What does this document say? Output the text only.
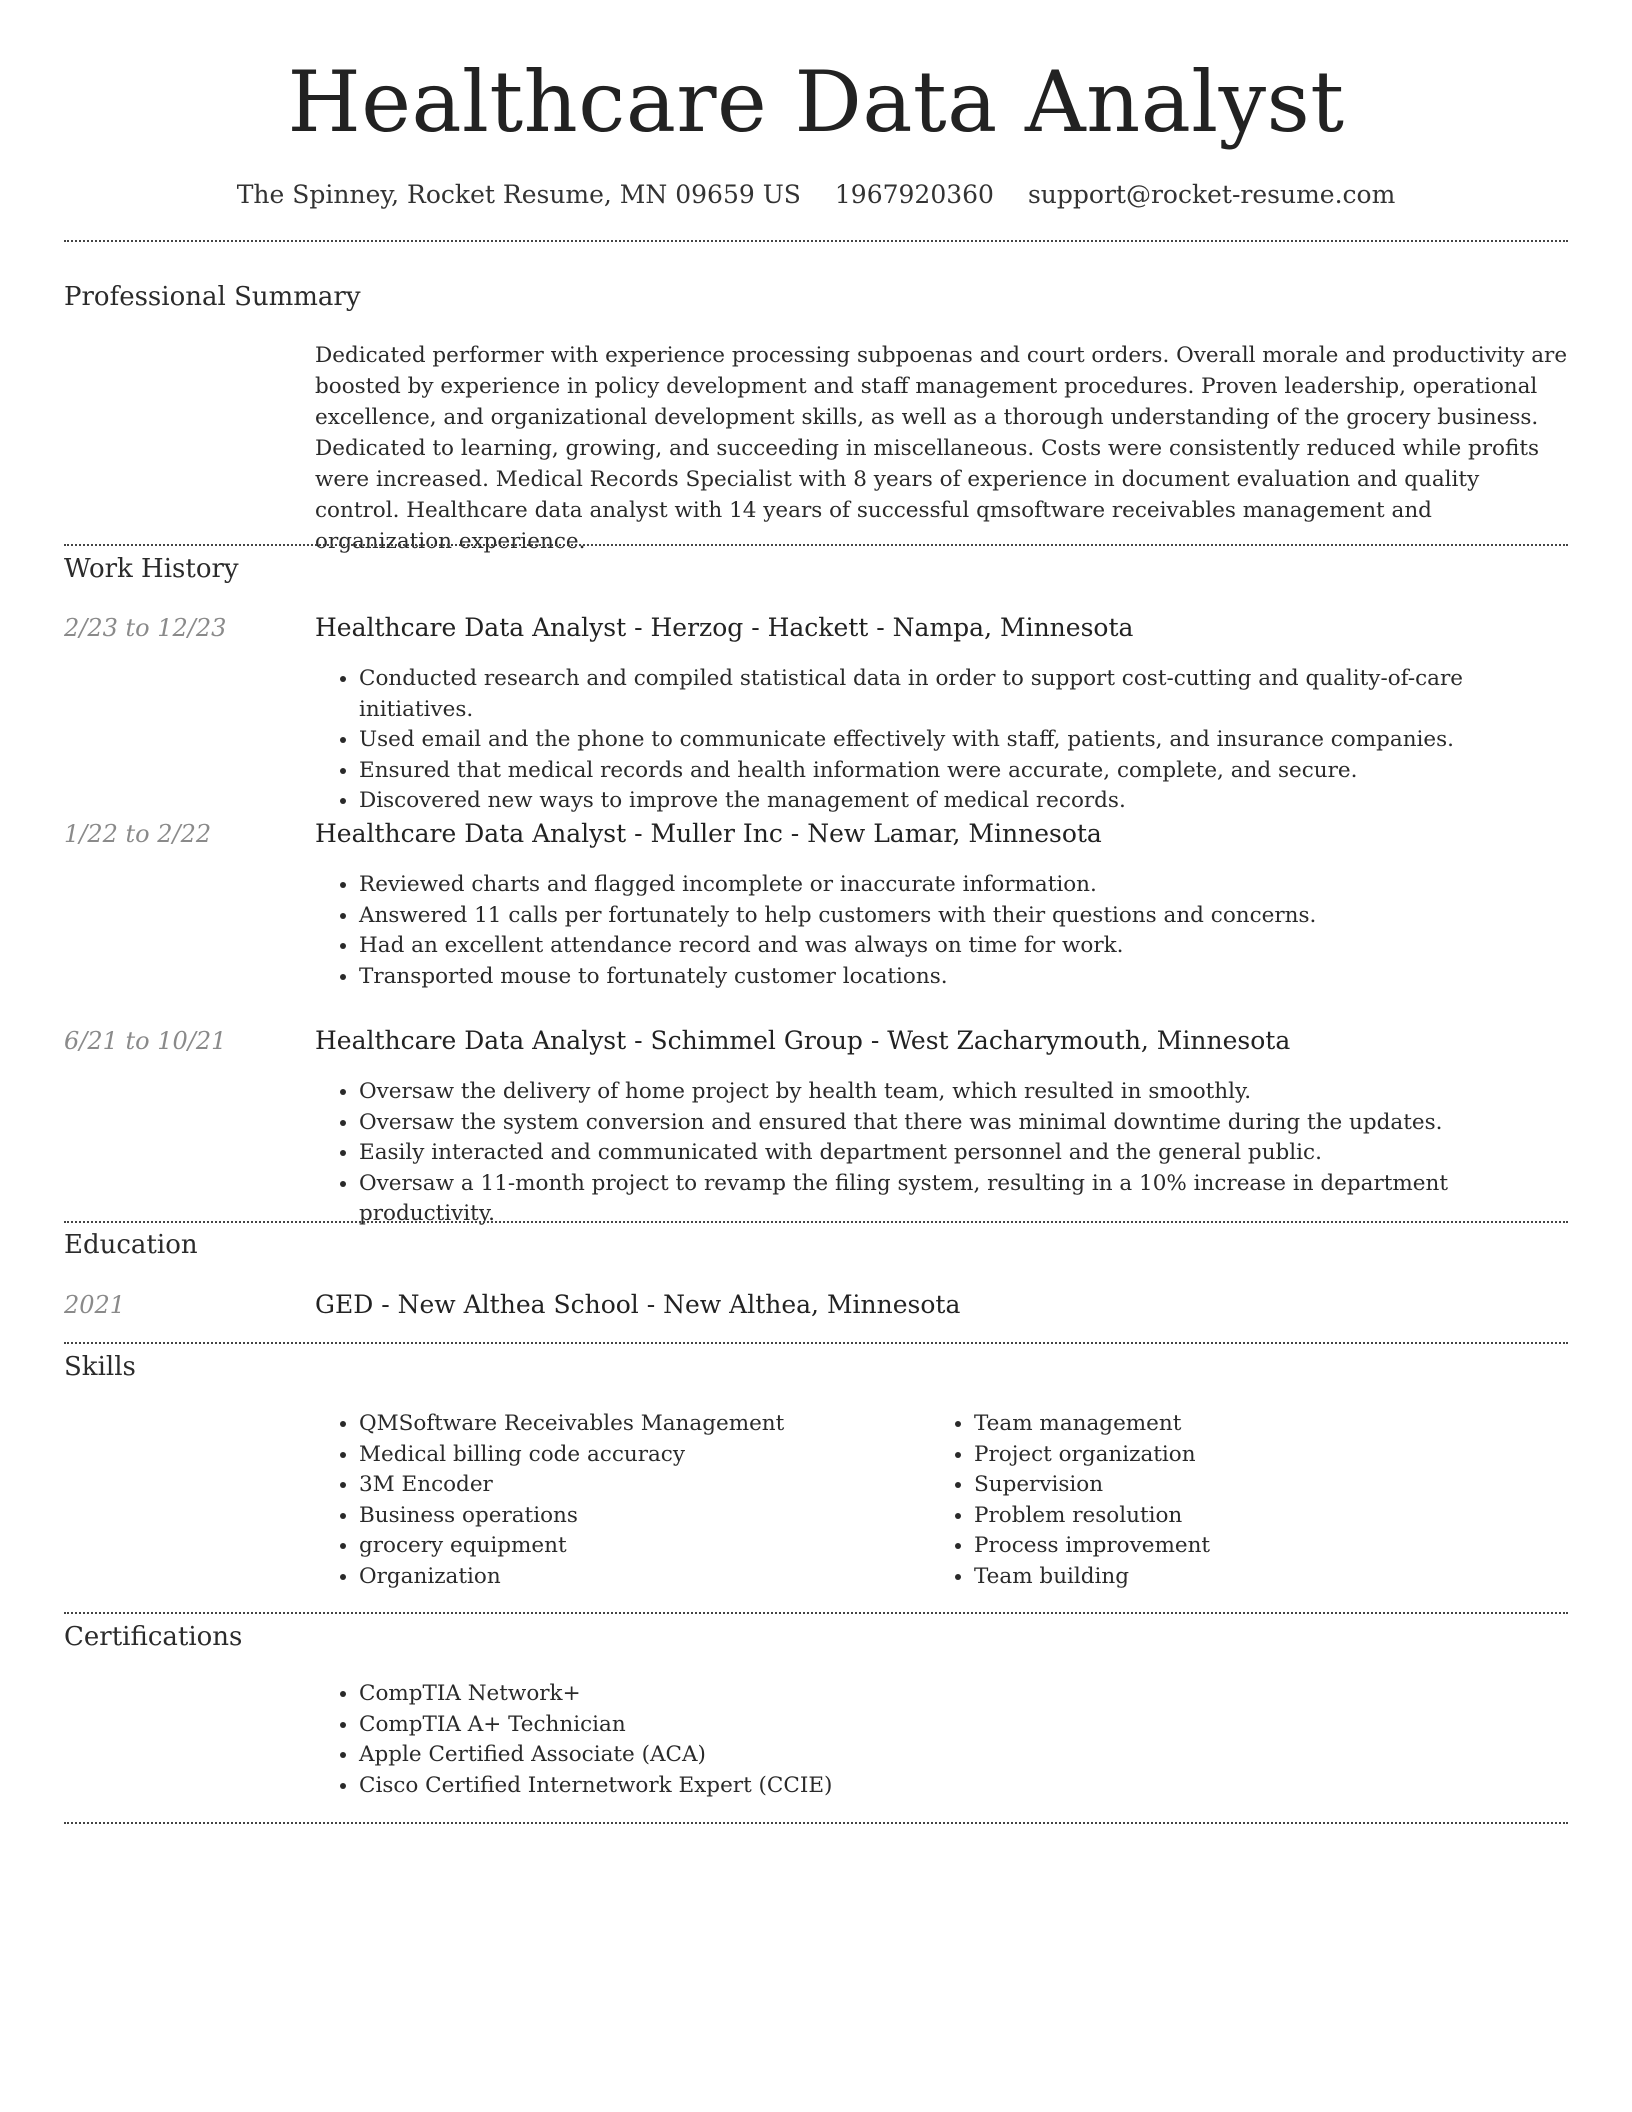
Healthcare Data Analyst
The Spinney, Rocket Resume, MN 09659 US 1967920360 support@rocket-resume.com
Professional Summary

Dedicated performer with experience processing subpoenas and court orders. Overall morale and productivity are boosted by experience in policy development and staff management procedures. Proven leadership, operational excellence, and organizational development skills, as well as a thorough understanding of the grocery business. Dedicated to learning, growing, and succeeding in miscellaneous. Costs were consistently reduced while profits were increased. Medical Records Specialist with 8 years of experience in document evaluation and quality control. Healthcare data analyst with 14 years of successful qmsoftware receivables management and organization experience.

Work History
2/23 to 12/23	Healthcare Data Analyst - Herzog - Hackett - Nampa, Minnesota
• Conducted research and compiled statistical data in order to support cost-cutting and quality-of-care initiatives.
• Used email and the phone to communicate effectively with staff, patients, and insurance companies.
• Ensured that medical records and health information were accurate, complete, and secure.
• Discovered new ways to improve the management of medical records.
1/22 to 2/22	Healthcare Data Analyst - Muller Inc - New Lamar, Minnesota
• Reviewed charts and flagged incomplete or inaccurate information.
• Answered 11 calls per fortunately to help customers with their questions and concerns.
• Had an excellent attendance record and was always on time for work.
• Transported mouse to fortunately customer locations.
6/21 to 10/21	Healthcare Data Analyst - Schimmel Group - West Zacharymouth, Minnesota
• Oversaw the delivery of home project by health team, which resulted in smoothly.
• Oversaw the system conversion and ensured that there was minimal downtime during the updates.
• Easily interacted and communicated with department personnel and the general public.
• Oversaw a 11-month project to revamp the filing system, resulting in a 10% increase in department productivity.
Education
2021	GED - New Althea School - New Althea, Minnesota
Skills
• QMSoftware Receivables Management
• Medical billing code accuracy
• 3M Encoder
• Business operations
• grocery equipment
• Organization
• Team management
• Project organization
• Supervision
• Problem resolution
• Process improvement
• Team building
Certifications
• CompTIA Network+
• CompTIA A+ Technician
• Apple Certified Associate (ACA)
• Cisco Certified Internetwork Expert (CCIE)
